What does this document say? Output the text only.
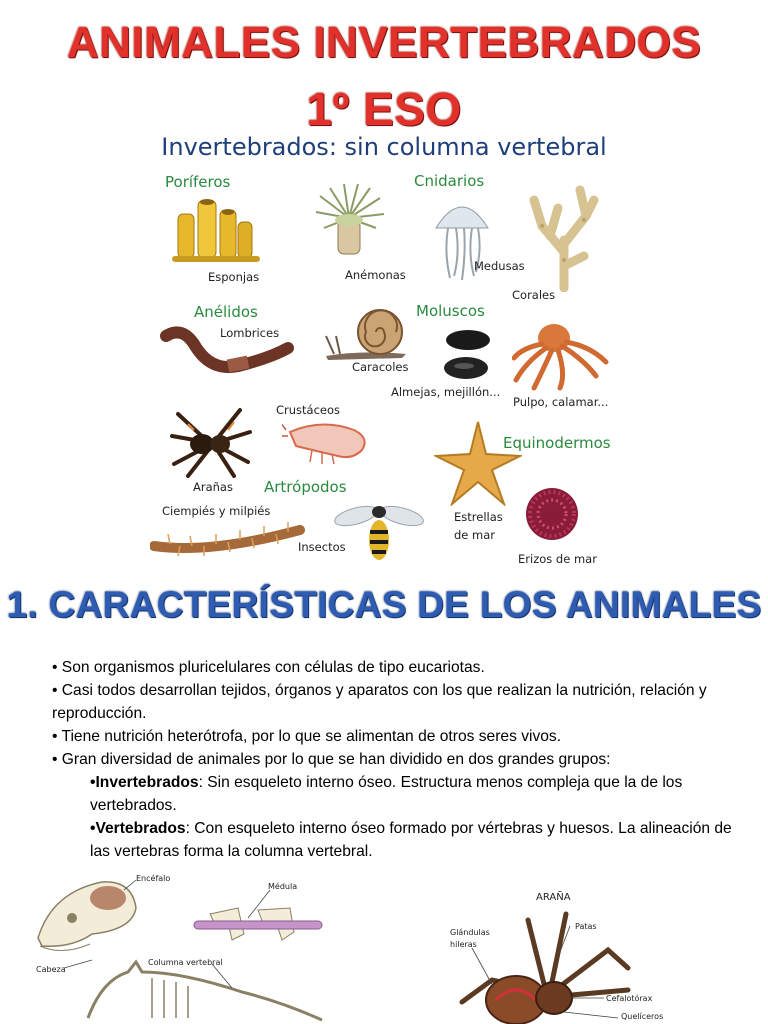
ANIMALES INVERTEBRADOS
1º ESO
Invertebrados: sin columna vertebral
Poríferos	Cnidarios
Anélidos	Moluscos
Equinodermos
Artrópodos
Esponjas	Anémonas
Medusas
Corales
Lombrices
Caracoles
Almejas, mejillón...
Pulpo, calamar...
Arañas
Crustáceos
Estrellas
de mar
Erizos de mar
Ciempiés y milpiés
Insectos
1. CARACTERÍSTICAS DE LOS ANIMALES

• Son organismos pluricelulares con células de tipo eucariotas.

• Casi todos desarrollan tejidos, órganos y aparatos con los que realizan la nutrición, relación y reproducción.

• Tiene nutrición heterótrofa, por lo que se alimentan de otros seres vivos.

• Gran diversidad de animales por lo que se han dividido en dos grandes grupos:

•Invertebrados: Sin esqueleto interno óseo. Estructura menos compleja que la de los vertebrados.

•Vertebrados: Con esqueleto interno óseo formado por vértebras y huesos. La alineación de las vertebras forma la columna vertebral.

Encéfalo
Médula
Cabeza
Columna vertebral
ARAÑA
Glándulas
hileras
Patas
Cefalotórax
Quelíceros
